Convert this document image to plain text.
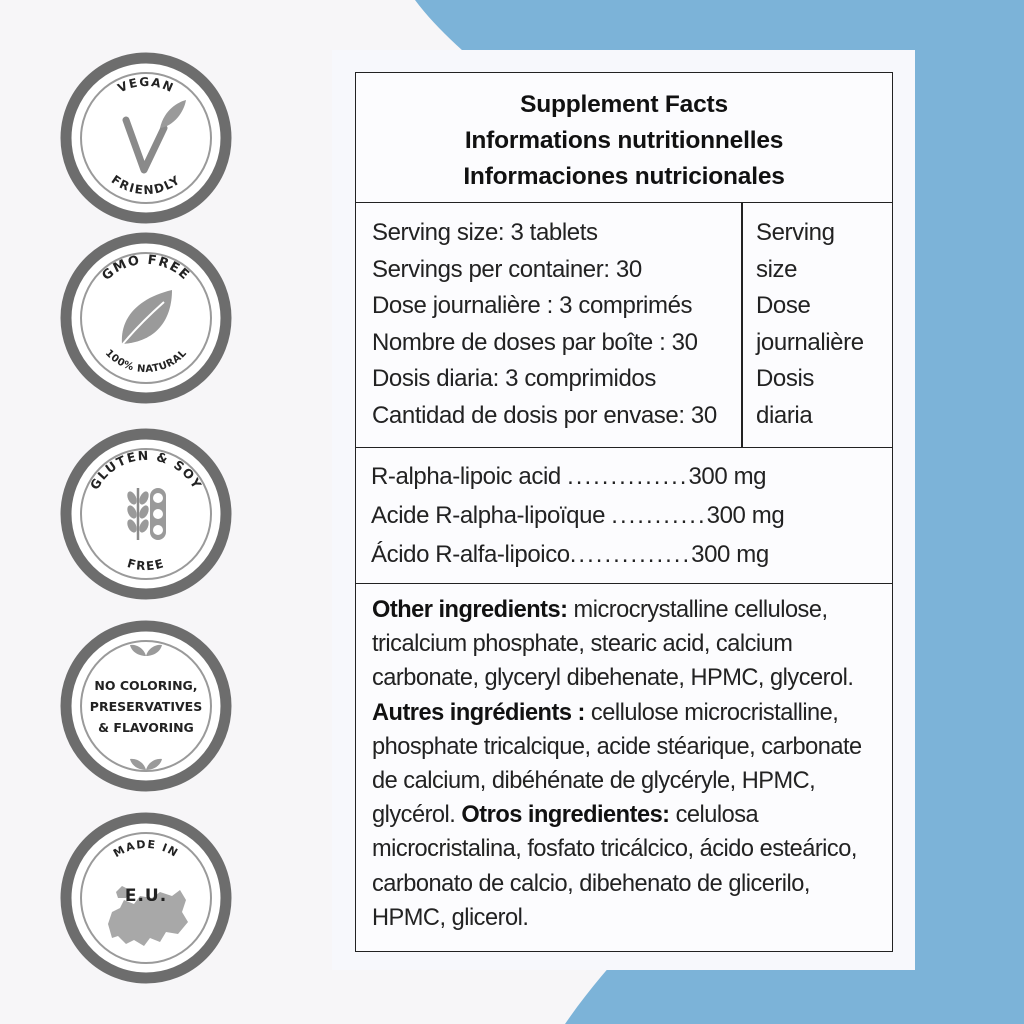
Supplement Facts
Informations nutritionnelles
Informaciones nutricionales
Serving size: 3 tablets
Servings per container: 30
Dose journalière : 3 comprimés
Nombre de doses par boîte : 30
Dosis diaria: 3 comprimidos
Cantidad de dosis por envase: 30
Serving
size
Dose
journalière
Dosis
diaria
R-alpha-lipoic acid ..............300 mg
Acide R-alpha-lipoïque ...........300 mg
Ácido R-alfa-lipoico..............300 mg
Other ingredients: microcrystalline cellulose, tricalcium phosphate, stearic acid, calcium carbonate, glyceryl dibehenate, HPMC, glycerol. Autres ingrédients : cellulose microcristalline, phosphate tricalcique, acide stéarique, carbonate de calcium, dibéhénate de glycéryle, HPMC, glycérol. Otros ingredientes: celulosa microcristalina, fosfato tricálcico, ácido esteárico, carbonato de calcio, dibehenato de glicerilo, HPMC, glicerol.
VEGAN
FRIENDLY
GMO FREE
100% NATURAL
GLUTEN & SOY
FREE
NO COLORING,
PRESERVATIVES
& FLAVORING
MADE IN
E.U.
